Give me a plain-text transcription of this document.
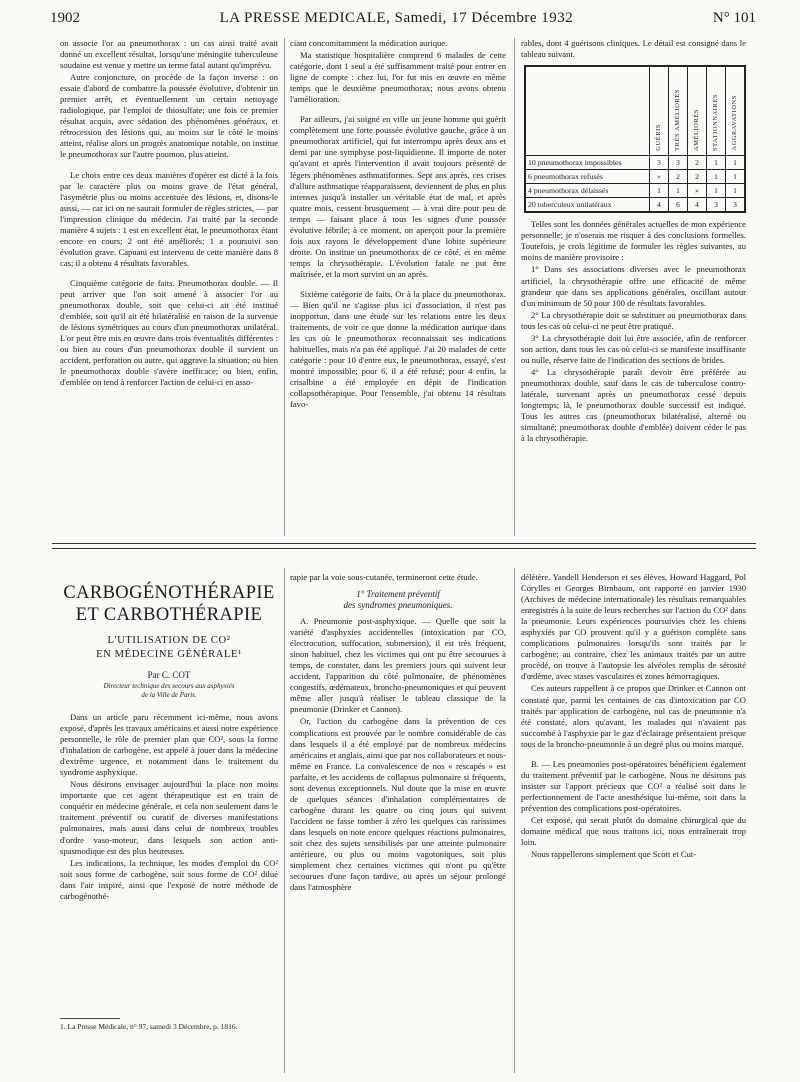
1902	LA PRESSE MEDICALE, Samedi, 17 Décembre 1932	N° 101

on associe l'or au pneumothorax : un cas ainsi traité avait donné un excellent résultat, lorsqu'une méningite tuberculeuse soudaine est venue y mettre un terme fatal autant qu'imprévu.

Autre conjoncture, on procède de la façon inverse : on essaie d'abord de combattre la poussée évolutive, d'obtenir un premier arrêt, et éventuellement un certain nettoyage radiologique, par l'emploi de thiosulfate; une fois ce premier résultat acquis, avec sédation des phénomènes généraux, et rétrocession des lésions qui, au moins sur le côté le moins atteint, réalise alors un progrès anatomique notable, on institue le pneumothorax sur l'autre poumon, plus atteint.

Le choix entre ces deux manières d'opérer est dicté à la fois par le caractère plus ou moins grave de l'état général, l'asymétrie plus ou moins accentuée des lésions, et, disons-le aussi, — car ici on ne saurait formuler de règles strictes, — par l'impression clinique du médecin. J'ai traité par la seconde manière 4 sujets : 1 est en excellent état, le pneumothorax étant encore en cours; 2 ont été améliorés; 1 a poursuivi son évolution grave. Capuani est intervenu de cette manière dans 8 cas; il a obtenu 4 résultats favorables.

Cinquième catégorie de faits. Pneumothorax double. — Il peut arriver que l'on soit amené à associer l'or au pneumothorax double, soit que celui-ci ait été institué d'emblée, soit qu'il ait été bilatéralisé en raison de la survenue de lésions symétriques au cours d'un pneumothorax unilatéral. L'or peut être mis en œuvre dans trois éventualités différentes : ou bien au cours d'un pneumothorax double il survient un accident, perforation ou autre, qui aggrave la situation; ou bien le pneumothorax double s'avère inefficace; ou bien, enfin, d'emblée on tend à renforcer l'action de celui-ci en asso-

ciant concomitamment la médication aurique.

Ma statistique hospitalière comprend 6 malades de cette catégorie, dont 1 seul a été suffisamment traité pour entrer en ligne de compte : chez lui, l'or fut mis en œuvre en même temps que le deuxième pneumothorax; nous avons obtenu l'amélioration.

Par ailleurs, j'ai soigné en ville un jeune homme qui guérit complètement une forte poussée évolutive gauche, grâce à un pneumothorax artificiel, qui fut interrompu après deux ans et demi par une symphyse post-liquidienne. Il importe de noter qu'avant et après l'intervention il avait toujours présenté de légers phénomènes asthmatiformes. Sept ans après, ces crises d'allure asthmatique réapparaissent, deviennent de plus en plus intenses jusqu'à installer un véritable état de mal, et après quatre mois, cessent brusquement — à vrai dire pour peu de temps — faisant place à tous les signes d'une poussée évolutive fébrile; à ce moment, on aperçoit pour la première fois aux rayons le développement d'une lobite supérieure droite. On institue un pneumothorax de ce côté, et en même temps la chrysothérapie. L'évolution fatale ne put être maîtrisée, et la mort survint un an après.

Sixième catégorie de faits. Or à la place du pneumothorax. — Bien qu'il ne s'agisse plus ici d'association, il n'est pas inopportun, dans une étude sur les relations entre les deux traitements, de voir ce que donne la médication aurique dans les cas où le pneumothorax reconnaissait ses indications habituelles, mais n'a pas été appliqué. J'ai 20 malades de cette catégorie : pour 10 d'entre eux, le pneumothorax, essayé, s'est montré impossible; pour 6, il a été refusé; pour 4 enfin, la crisalbine a été employée en dépit de l'indication collapsothérapique. Pour l'ensemble, j'ai obtenu 14 résultats favo-

rables, dont 4 guérisons cliniques. Le détail est consigné dans le tableau suivant.

	GUÉRIS	TRÈS AMÉLIORÉS	AMÉLIORÉS	STATIONNAIRES	AGGRAVATIONS

10 pneumothorax impossibles	3	3	2	1	1
6 pneumothorax refusés	»	2	2	1	1
4 pneumothorax délaissés	1	1	»	1	1
20 tuberculeux unilatéraux	4	6	4	3	3

Telles sont les données générales actuelles de mon expérience personnelle; je n'oserais me risquer à des conclusions formelles. Toutefois, je crois légitime de formuler les règles suivantes, au moins de manière provisoire :

1° Dans ses associations diverses avec le pneumothorax artificiel, la chrysothérapie offre une efficacité de même grandeur que dans ses applications générales, oscillant autour d'un minimum de 50 pour 100 de résultats favorables.

2° La chrysothérapie doit se substituer au pneumothorax dans tous les cas où celui-ci ne peut être pratiqué.

3° La chrysothérapie doit lui être associée, afin de renforcer son action, dans tous les cas où celui-ci se manifeste insuffisante ou nulle, réserve faite de l'indication des sections de brides.

4° La chrysothérapie paraît devoir être préférée au pneumothorax double, sauf dans le cas de tuberculose contro-latérale, survenant après un pneumothorax cessé depuis longtemps; là, le pneumothorax double successif est indiqué. Tous les autres cas (pneumothorax bilatéralisé, alterné ou simultané; pneumothorax double d'emblée) doivent céder le pas à la chrysothérapie.

CARBOGÉNOTHÉRAPIE
ET CARBOTHÉRAPIE
L'UTILISATION DE CO²
EN MÉDECINE GÉNÉRALE¹
Par C. COT
Directeur technique des secours aux asphyxiés
de la Ville de Paris.

Dans un article paru récemment ici-même, nous avons exposé, d'après les travaux américains et aussi notre expérience personnelle, le rôle de premier plan que CO², sous la forme d'inhalation de carbogène, est appelé à jouer dans la médecine d'extrême urgence, et notamment dans le traitement du syndrome asphyxique.

Nous désirons envisager aujourd'hui la place non moins importante que cet agent thérapeutique est en train de conquérir en médecine générale, et cela non seulement dans le traitement préventif ou curatif de diverses manifestations pulmonaires, mais aussi dans celui de nombreux troubles d'ordre vaso-moteur, dans lesquels son action anti-spasmodique est des plus heureuses.

Les indications, la technique, les modes d'emploi du CO² soit sous forme de carbogène, soit sous forme de CO² dilué dans l'air inspiré, ainsi que l'exposé de notre méthode de carbogénothé-

1. La Presse Médicale, n° 97, samedi 3 Décembre, p. 1816.

rapie par la voie sous-cutanée, termineront cette étude.

1° Traitement préventif
des syndromes pneumoniques.

A. Pneumonie post-asphyxique. — Quelle que soit la variété d'asphyxies accidentelles (intoxication par CO, électrocution, suffocation, submersion), il est très fréquent, sinon habituel, chez les victimes qui ont pu être secourues à temps, de constater, dans les premiers jours qui suivent leur accident, l'apparition du côté pulmonaire, de phénomènes congestifs, œdémateux, broncho-pneumoniques et qui peuvent même aller jusqu'à réaliser le tableau classique de la pneumonie (Drinker et Cannon).

Or, l'action du carbogène dans la prévention de ces complications est prouvée par le nombre considérable de cas dans lesquels il a été employé par de nombreux médecins américains et anglais, ainsi que par nos collaborateurs et nous-même en France. La convalescence de nos « rescapés » est parfaite, et les accidents de collapsus pulmonaire si fréquents, sont devenus exceptionnels. Nul doute que la mise en œuvre de quelques séances d'inhalation complémentaires de carbogène durant les quatre ou cinq jours qui suivent l'accident ne fasse tomber à zéro les quelques cas rarissimes dans lesquels on note encore quelques réactions pulmonaires, soit chez des sujets sensibilisés par une atteinte pulmonaire antérieure, ou plus ou moins vagotoniques, soit plus simplement chez certaines victimes qui n'ont pu qu'être secourues d'une façon tardive, ou après un séjour prolongé dans l'atmosphère

délétère. Yandell Henderson et ses élèves, Howard Haggard, Pol Corylles et Georges Birnbaum, ont rapporté en janvier 1930 (Archives de médecine internationale) les résultats remarquables enregistrés à la suite de leurs recherches sur l'action du CO² dans la pneumonie. Leurs expériences poursuivies chez les chiens asphyxiés par CO prouvent qu'il y a guérison complète sans complications pulmonaires lorsqu'ils sont traités par le carbogène; au contraire, chez les animaux traités par un autre procédé, on trouve à l'autopsie les alvéoles remplis de sérosité d'œdème, avec stases vasculaires et zones hémorragiques.

Ces auteurs rappellent à ce propos que Drinker et Cannon ont constaté que, parmi les centaines de cas d'intoxication par CO traités par application de carbogène, nul cas de pneumonie n'a été constaté, alors qu'avant, les malades qui n'avaient pas succombé à l'asphyxie par le gaz d'éclairage présentaient presque tous de la broncho-pneumonie à un degré plus ou moins marqué.

B. — Les pneumonies post-opératoires bénéficient également du traitement préventif par le carbogène. Nous ne désirons pas insister sur l'apport précieux que CO² a réalisé soit dans le perfectionnement de l'acte anesthésique lui-même, soit dans la prévention des complications post-opératoires.

Cet exposé, qui serait plutôt du domaine chirurgical que du domaine médical que nous traitons ici, nous entraînerait trop loin.

Nous rappellerons simplement que Scott et Cut-
